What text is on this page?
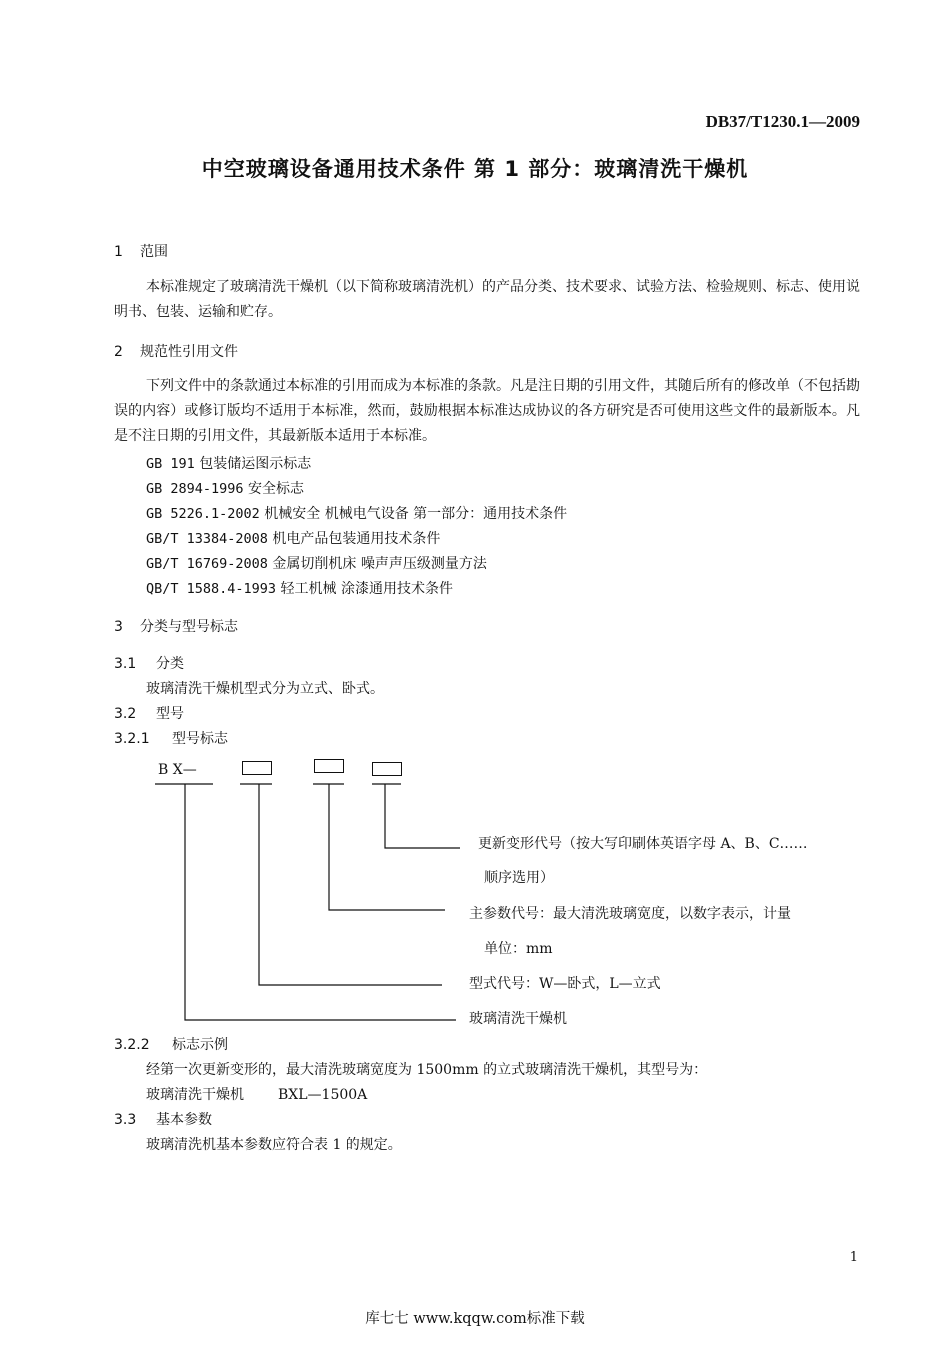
DB37/T1230.1—2009
中空玻璃设备通用技术条件 第 1 部分：玻璃清洗干燥机
1 范围
本标准规定了玻璃清洗干燥机（以下简称玻璃清洗机）的产品分类、技术要求、试验方法、检验规则、标志、使用说明书、包装、运输和贮存。
2 规范性引用文件
下列文件中的条款通过本标准的引用而成为本标准的条款。凡是注日期的引用文件，其随后所有的修改单（不包括勘误的内容）或修订版均不适用于本标准，然而，鼓励根据本标准达成协议的各方研究是否可使用这些文件的最新版本。凡是不注日期的引用文件，其最新版本适用于本标准。
GB 191 包装储运图示标志
GB 2894-1996 安全标志
GB 5226.1-2002 机械安全 机械电气设备 第一部分：通用技术条件
GB/T 13384-2008 机电产品包装通用技术条件
GB/T 16769-2008 金属切削机床 噪声声压级测量方法
QB/T 1588.4-1993 轻工机械 涂漆通用技术条件
3 分类与型号标志
3.1 分类
玻璃清洗干燥机型式分为立式、卧式。
3.2 型号
3.2.1 型号标志
B X—
更新变形代号（按大写印刷体英语字母 A、B、C……
顺序选用）
主参数代号：最大清洗玻璃宽度，以数字表示，计量
单位：mm
型式代号：W—卧式，L—立式
玻璃清洗干燥机
3.2.2 标志示例
经第一次更新变形的，最大清洗玻璃宽度为 1500mm 的立式玻璃清洗干燥机，其型号为：
玻璃清洗干燥机 BXL—1500A
3.3 基本参数
玻璃清洗机基本参数应符合表 1 的规定。
1
库七七 www.kqqw.com标准下载
